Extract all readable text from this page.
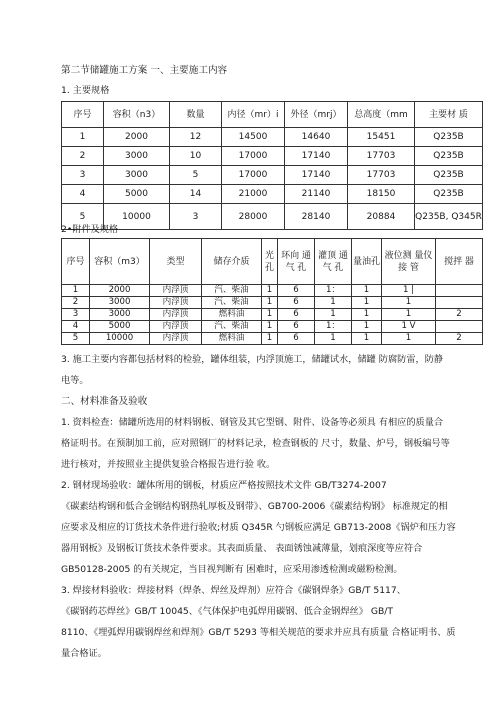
第二节储罐施工方案 一、主要施工内容
1. 主要规格
序号	容积（n3）	数量	内径（mr）i	外径（mrj）	总高度（mm	主要材 质
1	2000	12	14500	14640	15451	Q235B
2	3000	10	17000	17140	17703	Q235B
3	3000	5	17000	17140	17703	Q235B
4	5000	14	21000	21140	18150	Q235B
5	10000	3	28000	28140	20884	Q235B, Q345R
2•附件及规格
序号	容积（m3）	类型	储存介质	光孔	环向 通气 孔	灌顶 通气 孔	量油孔	液位测 量仪接 管	搅拌 器
1	2000	内浮顶	汽、柴油	1	6	1：	1	1 |	
2	3000	内浮顶	汽、柴油	1	6	1	1	1	
3	3000	内浮顶	燃料油	1	6	1	1	1	2
4	5000	内浮顶	汽、柴油	1	6	1：	1	1 V	
5	10000	内浮顶	燃料油	1	6	1	1	1	2
3. 施工主要内容都包括材料的检验，罐体组装，内浮顶施工，储罐试水，储罐 防腐防雷，防静
电等。
二、材料准备及验收
1. 资料检查：储罐所选用的材料钢板、钢管及其它型钢、附件、设备等必须具 有相应的质量合
格证明书。在预制加工前，应对照钢厂的材料记录，检查钢板的 尺寸，数量、炉号，钢板编号等
进行核对，并按照业主提供复验合格报告进行验 收。
2. 钢材现场验收：罐体所用的钢板，材质应严格按照技术文件 GB/T3274-2007
《碳素结构钢和低合金钢结构钢热轧厚板及钢带》、GB700-2006《碳素结构钢》 标准规定的相
应要求及相应的订货技术条件进行验收;材质 Q345R 勺钢板应满足 GB713-2008《锅炉和压力容
器用钢板》及钢板订货技术条件要求。其表面质量、 表面锈蚀减薄量，划痕深度等应符合
GB50128-2005 的有关规定，当目视判断有 困难时，应采用渗透检测或磁粉检测。
3. 焊接材料验收：焊接材料（焊条、焊丝及焊剂）应符合《碳钢焊条》GB/T 5117、
《碳钢药芯焊丝》GB/T 10045、《气体保护电弧焊用碳钢、低合金钢焊丝》 GB/T
8110、《埋弧焊用碳钢焊丝和焊剂》GB/T 5293 等相关规范的要求并应具有质量 合格证明书、质
量合格证。
